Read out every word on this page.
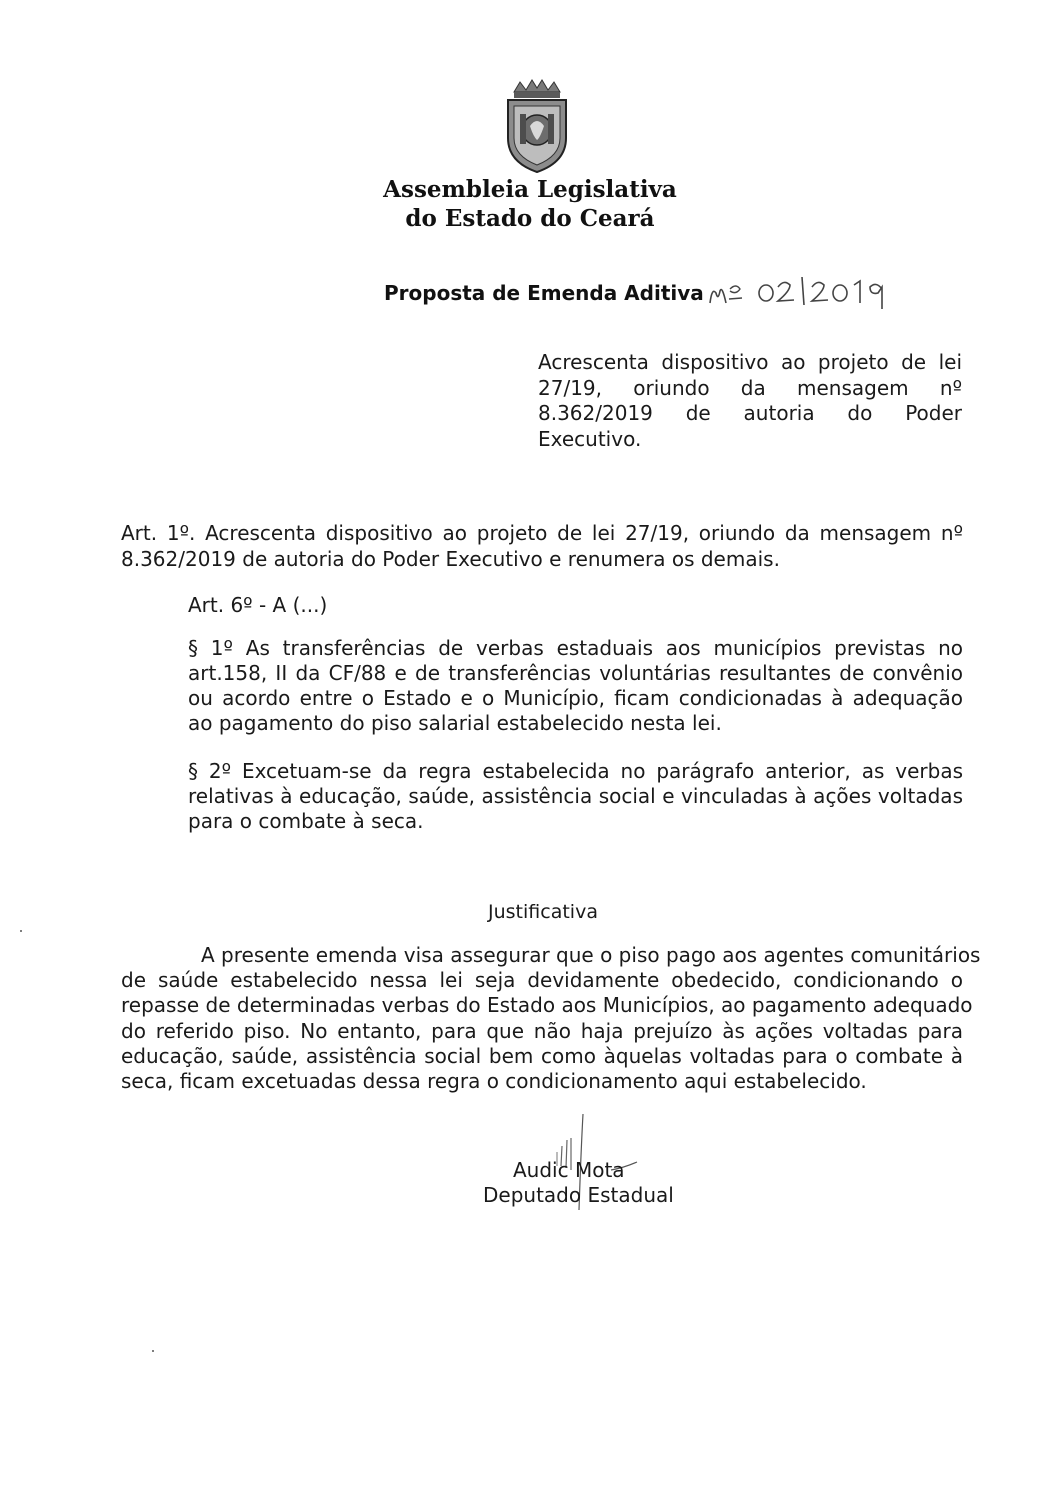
Assembleia Legislativa
do Estado do Ceará
Proposta de Emenda Aditiva
Acrescenta dispositivo ao projeto de lei
27/19, oriundo da mensagem nº
8.362/2019 de autoria do Poder
Executivo.
Art. 1º. Acrescenta dispositivo ao projeto de lei 27/19, oriundo da mensagem nº
8.362/2019 de autoria do Poder Executivo e renumera os demais.
Art. 6º - A (...)
§ 1º As transferências de verbas estaduais aos municípios previstas no
art.158, II da CF/88 e de transferências voluntárias resultantes de convênio
ou acordo entre o Estado e o Município, ficam condicionadas à adequação
ao pagamento do piso salarial estabelecido nesta lei.
§ 2º Excetuam-se da regra estabelecida no parágrafo anterior, as verbas
relativas à educação, saúde, assistência social e vinculadas à ações voltadas
para o combate à seca.
Justificativa
A presente emenda visa assegurar que o piso pago aos agentes comunitários
de saúde estabelecido nessa lei seja devidamente obedecido, condicionando o
repasse de determinadas verbas do Estado aos Municípios, ao pagamento adequado
do referido piso. No entanto, para que não haja prejuízo às ações voltadas para
educação, saúde, assistência social bem como àquelas voltadas para o combate à
seca, ficam excetuadas dessa regra o condicionamento aqui estabelecido.
Audic Mota
Deputado Estadual
